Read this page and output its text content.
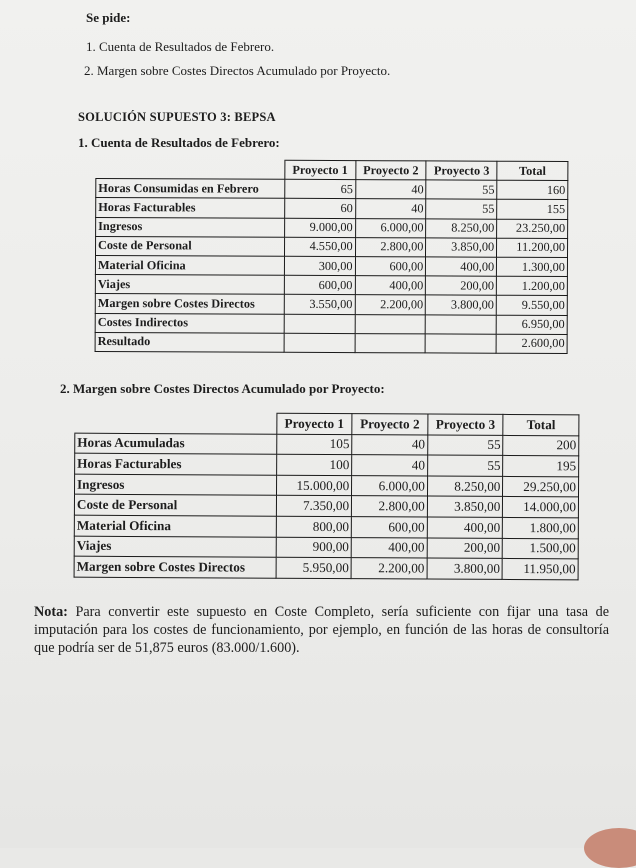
Se pide:
1. Cuenta de Resultados de Febrero.
2. Margen sobre Costes Directos Acumulado por Proyecto.
SOLUCIÓN SUPUESTO 3: BEPSA
1. Cuenta de Resultados de Febrero:
	Proyecto 1	Proyecto 2	Proyecto 3	Total
Horas Consumidas en Febrero	65	40	55	160
Horas Facturables	60	40	55	155
Ingresos	9.000,00	6.000,00	8.250,00	23.250,00
Coste de Personal	4.550,00	2.800,00	3.850,00	11.200,00
Material Oficina	300,00	600,00	400,00	1.300,00
Viajes	600,00	400,00	200,00	1.200,00
Margen sobre Costes Directos	3.550,00	2.200,00	3.800,00	9.550,00
Costes Indirectos				6.950,00
Resultado				2.600,00
2. Margen sobre Costes Directos Acumulado por Proyecto:
	Proyecto 1	Proyecto 2	Proyecto 3	Total
Horas Acumuladas	105	40	55	200
Horas Facturables	100	40	55	195
Ingresos	15.000,00	6.000,00	8.250,00	29.250,00
Coste de Personal	7.350,00	2.800,00	3.850,00	14.000,00
Material Oficina	800,00	600,00	400,00	1.800,00
Viajes	900,00	400,00	200,00	1.500,00
Margen sobre Costes Directos	5.950,00	2.200,00	3.800,00	11.950,00
Nota: Para convertir este supuesto en Coste Completo, sería suficiente con fijar una tasa de imputación para los costes de funcionamiento, por ejemplo, en función de las horas de consultoría que podría ser de 51,875 euros (83.000/1.600).
